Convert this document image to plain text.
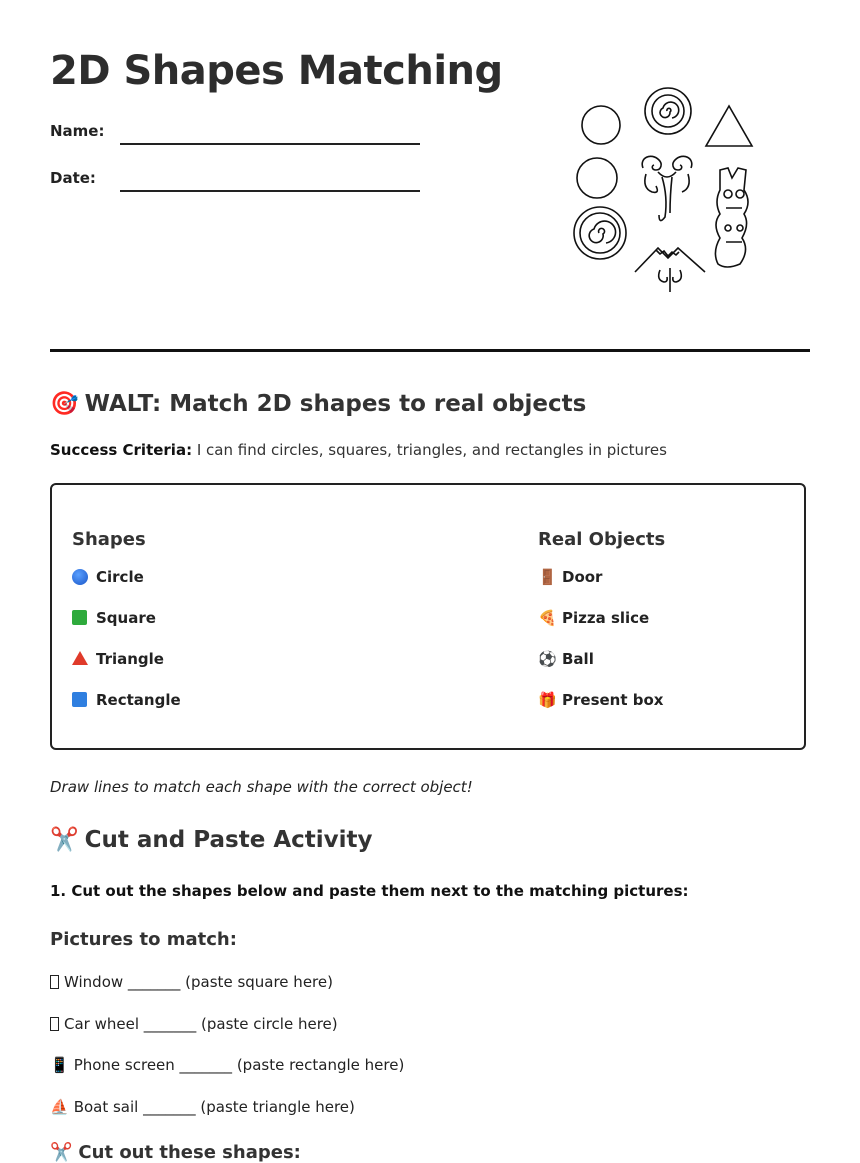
2D Shapes Matching
Name:
Date:
🎯 WALT: Match 2D shapes to real objects
Success Criteria: I can find circles, squares, triangles, and rectangles in pictures
Shapes
Circle
Square
Triangle
Rectangle
Real Objects
🚪 Door
🍕 Pizza slice
⚽ Ball
🎁 Present box
Draw lines to match each shape with the correct object!
✂️ Cut and Paste Activity
1. Cut out the shapes below and paste them next to the matching pictures:
Pictures to match:
Window _______ (paste square here)
Car wheel _______ (paste circle here)
📱 Phone screen _______ (paste rectangle here)
⛵ Boat sail _______ (paste triangle here)
✂️ Cut out these shapes:
